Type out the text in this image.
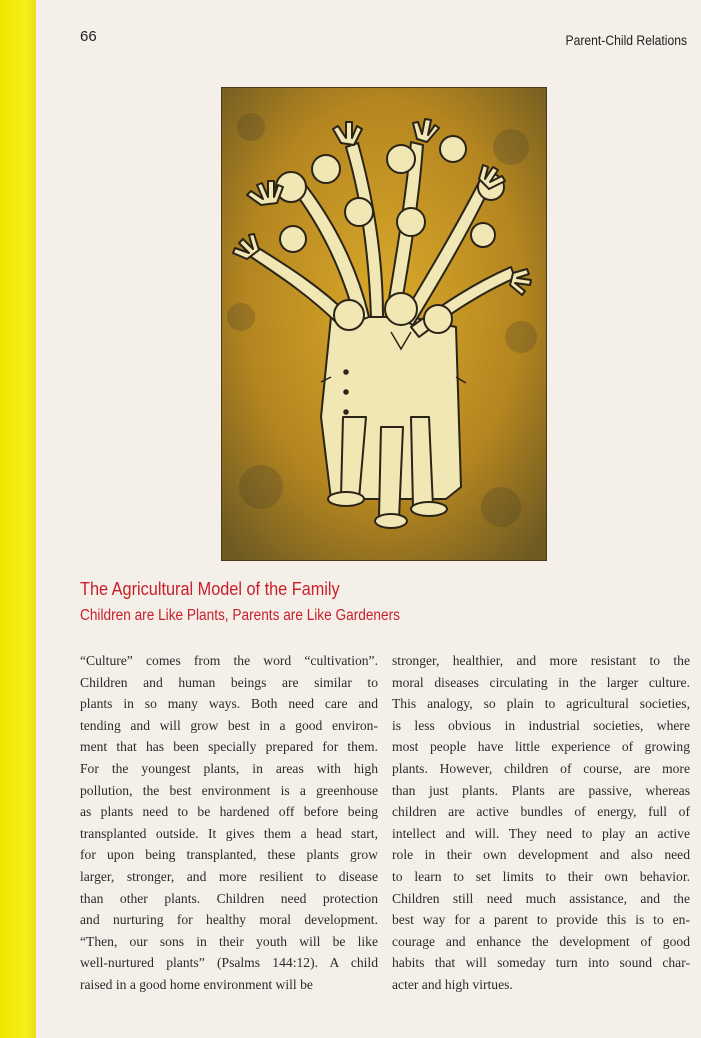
66	Parent-Child Relations
The Agricultural Model of the Family
Children are Like Plants, Parents are Like Gardeners
“Culture” comes from the word “cultivation”.
Children and human beings are similar to
plants in so many ways. Both need care and
tending and will grow best in a good environ-
ment that has been specially prepared for them.
For the youngest plants, in areas with high
pollution, the best environment is a greenhouse
as plants need to be hardened off before being
transplanted outside. It gives them a head start,
for upon being transplanted, these plants grow
larger, stronger, and more resilient to disease
than other plants. Children need protection
and nurturing for healthy moral development.
“Then, our sons in their youth will be like
well-nurtured plants” (Psalms 144:12). A child
raised in a good home environment will be
stronger, healthier, and more resistant to the
moral diseases circulating in the larger culture.
This analogy, so plain to agricultural societies,
is less obvious in industrial societies, where
most people have little experience of growing
plants. However, children of course, are more
than just plants. Plants are passive, whereas
children are active bundles of energy, full of
intellect and will. They need to play an active
role in their own development and also need
to learn to set limits to their own behavior.
Children still need much assistance, and the
best way for a parent to provide this is to en-
courage and enhance the development of good
habits that will someday turn into sound char-
acter and high virtues.
